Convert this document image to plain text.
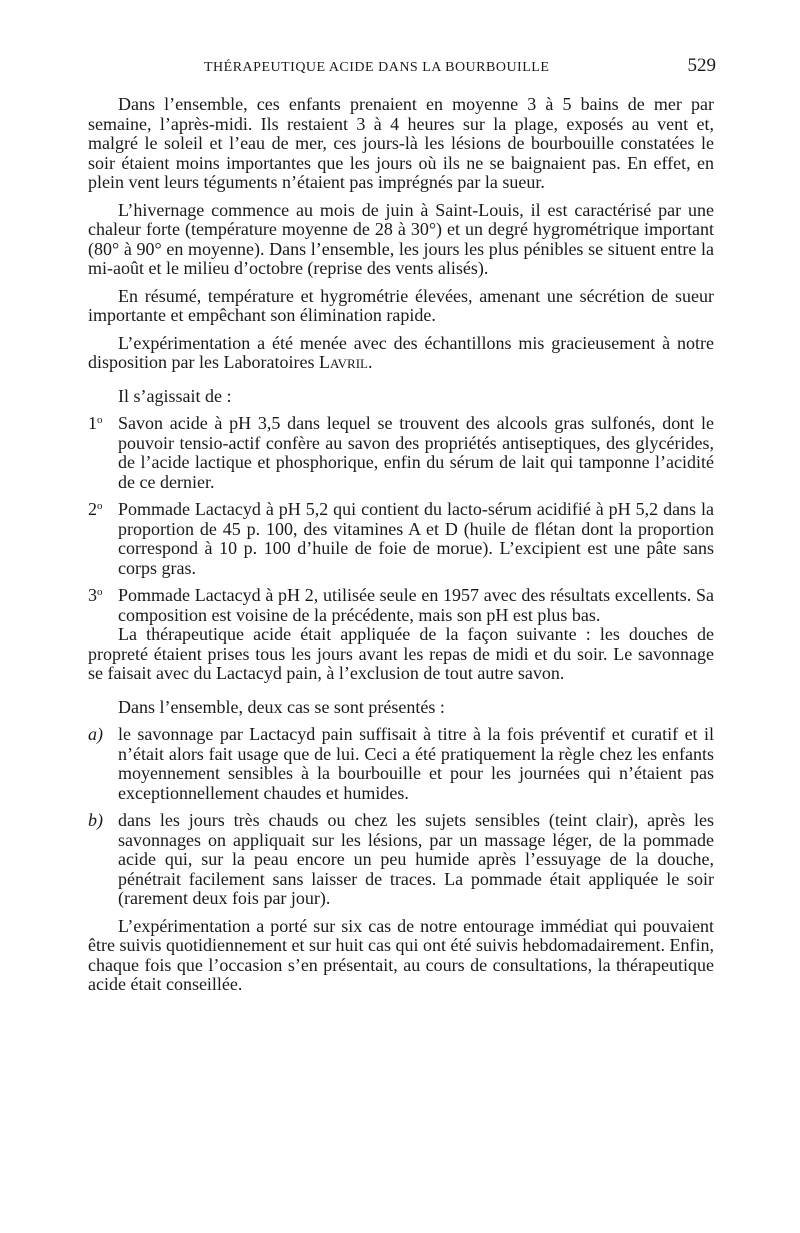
THÉRAPEUTIQUE ACIDE DANS LA BOURBOUILLE	529

Dans l’ensemble, ces enfants prenaient en moyenne 3 à 5 bains de mer par semaine, l’après-midi. Ils restaient 3 à 4 heures sur la plage, exposés au vent et, malgré le soleil et l’eau de mer, ces jours-là les lésions de bourbouille constatées le soir étaient moins importantes que les jours où ils ne se baignaient pas. En effet, en plein vent leurs téguments n’étaient pas imprégnés par la sueur.

L’hivernage commence au mois de juin à Saint-Louis, il est caractérisé par une chaleur forte (température moyenne de 28 à 30°) et un degré hygrométrique important (80° à 90° en moyenne). Dans l’ensemble, les jours les plus pénibles se situent entre la mi-août et le milieu d’octobre (reprise des vents alisés).

En résumé, température et hygrométrie élevées, amenant une sécrétion de sueur importante et empêchant son élimination rapide.

L’expérimentation a été menée avec des échantillons mis gracieusement à notre disposition par les Laboratoires Lavril.

Il s’agissait de :

1$^o$ Savon acide à pH 3,5 dans lequel se trouvent des alcools gras sulfonés, dont le pouvoir tensio-actif confère au savon des propriétés antiseptiques, des glycérides, de l’acide lactique et phosphorique, enfin du sérum de lait qui tamponne l’acidité de ce dernier.
2$^o$ Pommade Lactacyd à pH 5,2 qui contient du lacto-sérum acidifié à pH 5,2 dans la proportion de 45 p. 100, des vitamines A et D (huile de flétan dont la proportion correspond à 10 p. 100 d’huile de foie de morue). L’excipient est une pâte sans corps gras.
3$^o$ Pommade Lactacyd à pH 2, utilisée seule en 1957 avec des résultats excellents. Sa composition est voisine de la précédente, mais son pH est plus bas.

La thérapeutique acide était appliquée de la façon suivante : les douches de propreté étaient prises tous les jours avant les repas de midi et du soir. Le savonnage se faisait avec du Lactacyd pain, à l’exclusion de tout autre savon.

Dans l’ensemble, deux cas se sont présentés :

a) le savonnage par Lactacyd pain suffisait à titre à la fois préventif et curatif et il n’était alors fait usage que de lui. Ceci a été pratiquement la règle chez les enfants moyennement sensibles à la bourbouille et pour les journées qui n’étaient pas exceptionnellement chaudes et humides.
b) dans les jours très chauds ou chez les sujets sensibles (teint clair), après les savonnages on appliquait sur les lésions, par un massage léger, de la pommade acide qui, sur la peau encore un peu humide après l’essuyage de la douche, pénétrait facilement sans laisser de traces. La pommade était appliquée le soir (rarement deux fois par jour).

L’expérimentation a porté sur six cas de notre entourage immédiat qui pouvaient être suivis quotidiennement et sur huit cas qui ont été suivis hebdomadairement. Enfin, chaque fois que l’occasion s’en présentait, au cours de consultations, la thérapeutique acide était conseillée.
